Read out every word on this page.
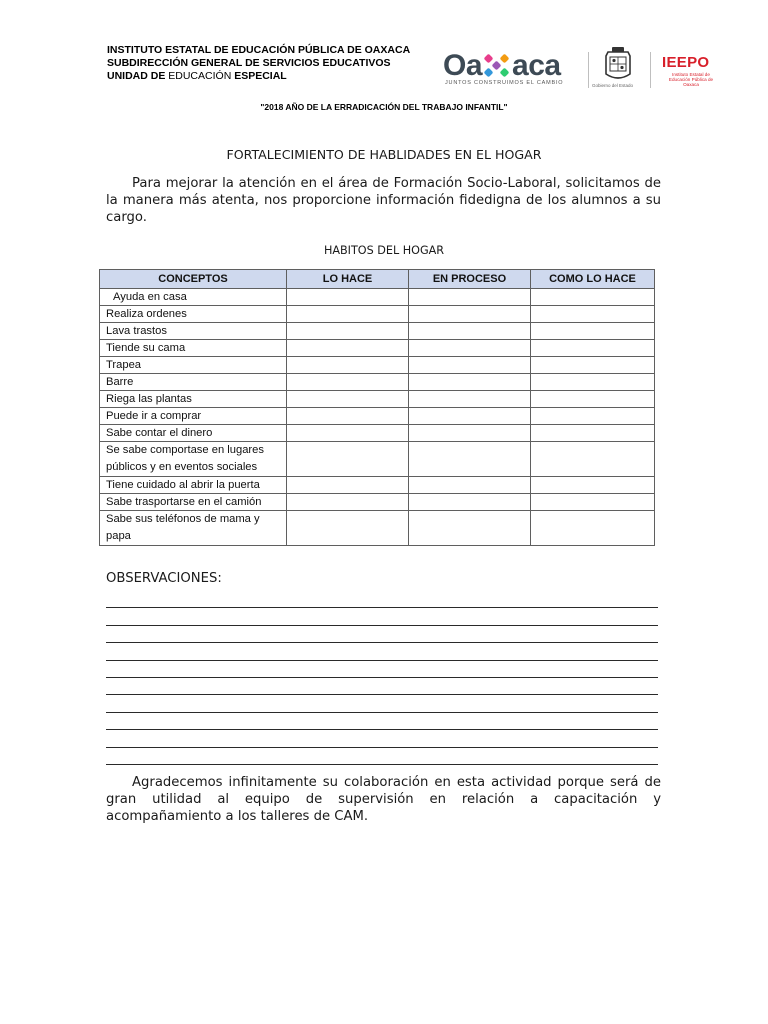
INSTITUTO ESTATAL DE EDUCACIÓN PÚBLICA DE OAXACA
SUBDIRECCIÓN GENERAL DE SERVICIOS EDUCATIVOS
UNIDAD DE EDUCACIÓN ESPECIAL	Oa aca
JUNTOS CONSTRUIMOS EL CAMBIO	Gobierno del Estado
IEEPO
Instituto Estatal de Educación Pública de Oaxaca
"2018 AÑO DE LA ERRADICACIÓN DEL TRABAJO INFANTIL"
FORTALECIMIENTO DE HABLIDADES EN EL HOGAR
Para mejorar la atención en el área de Formación Socio-Laboral, solicitamos de la manera más atenta, nos proporcione información fidedigna de los alumnos a su cargo.
HABITOS DEL HOGAR
CONCEPTOS	LO HACE	EN PROCESO	COMO LO HACE
Ayuda en casa			
Realiza ordenes			
Lava trastos			
Tiende su cama			
Trapea			
Barre			
Riega las plantas			
Puede ir a comprar			
Sabe contar el dinero			
Se sabe comportase en lugares públicos y en eventos sociales			
Tiene cuidado al abrir la puerta			
Sabe trasportarse en el camión			
Sabe sus teléfonos de mama y papa			
OBSERVACIONES:
Agradecemos infinitamente su colaboración en esta actividad porque será de gran utilidad al equipo de supervisión en relación a capacitación y acompañamiento a los talleres de CAM.
